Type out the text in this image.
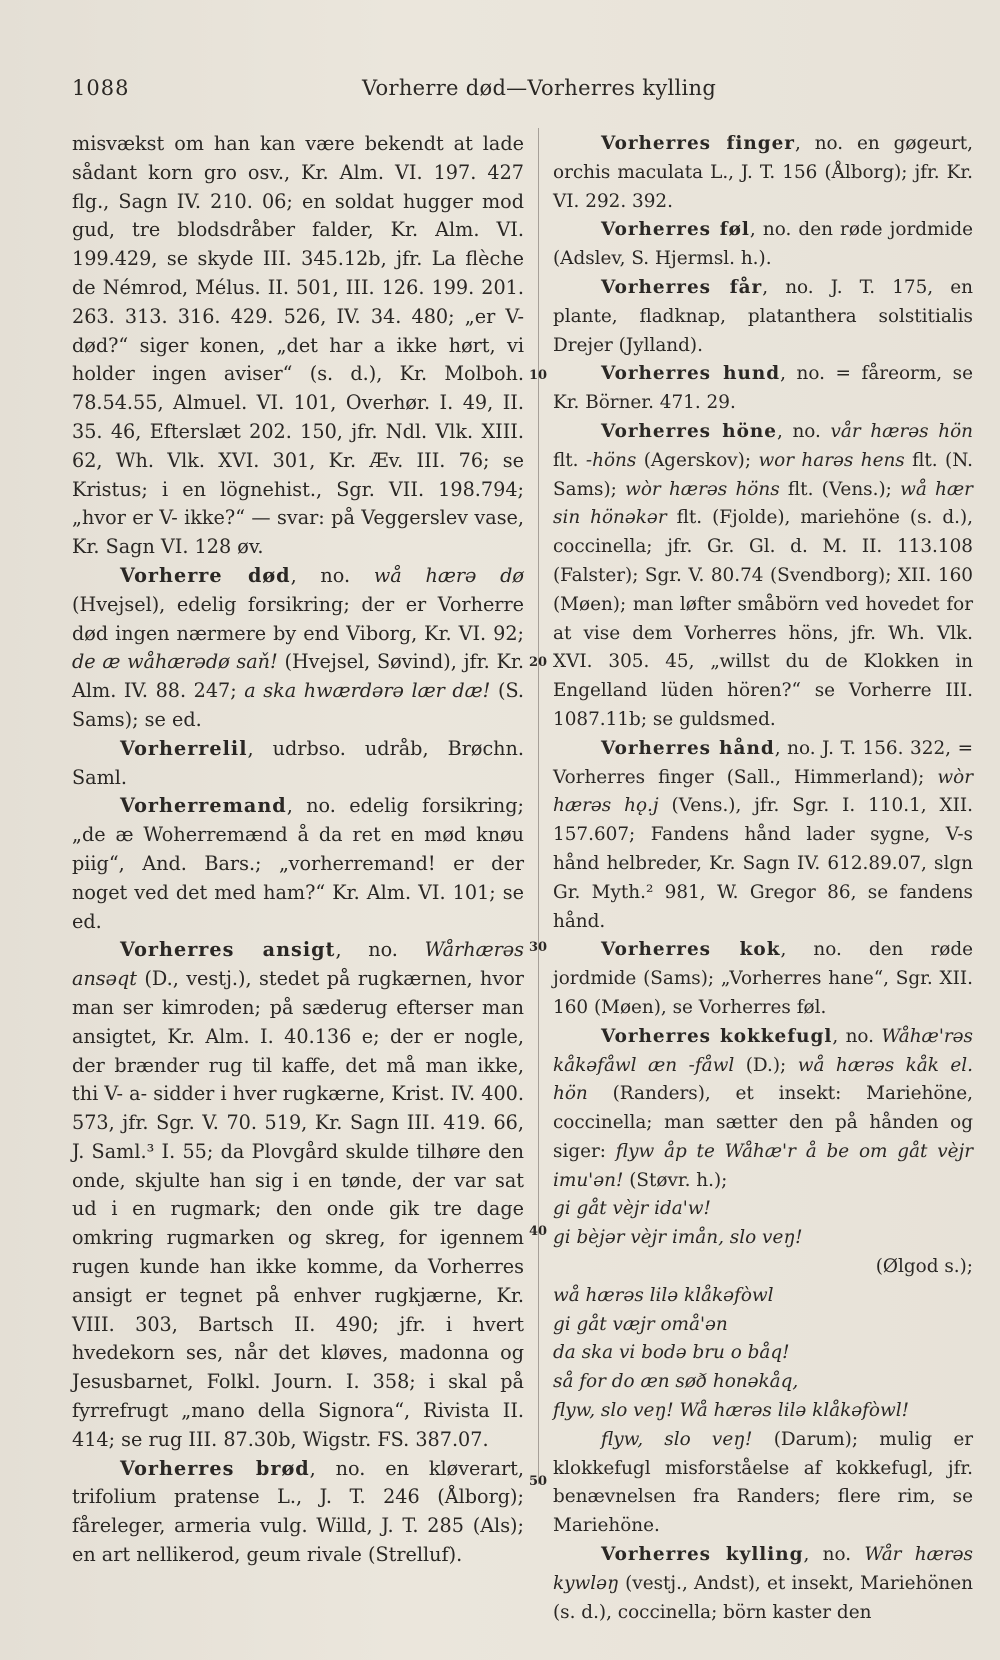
1088	Vorherre død—Vorherres kylling
10
20
30
40
50

misvækst om han kan være bekendt at lade sådant korn gro osv., Kr. Alm. VI. 197. 427 flg., Sagn IV. 210. 06; en soldat hugger mod gud, tre blodsdråber falder, Kr. Alm. VI. 199.429, se skyde III. 345.12b, jfr. La flèche de Némrod, Mélus. II. 501, III. 126. 199. 201. 263. 313. 316. 429. 526, IV. 34. 480; „er V- død?“ siger konen, „det har a ikke hørt, vi holder ingen aviser“ (s. d.), Kr. Molboh. 78.54.55, Almuel. VI. 101, Overhør. I. 49, II. 35. 46, Efterslæt 202. 150, jfr. Ndl. Vlk. XIII. 62, Wh. Vlk. XVI. 301, Kr. Æv. III. 76; se Kristus; i en lögnehist., Sgr. VII. 198.794; „hvor er V- ikke?“ — svar: på Veggerslev vase, Kr. Sagn VI. 128 øv.

Vorherre død, no. wå hærə dø (Hvejsel), edelig forsikring; der er Vorherre død ingen nærmere by end Viborg, Kr. VI. 92; de æ wåhærədø saň! (Hvejsel, Søvind), jfr. Kr. Alm. IV. 88. 247; a ska hwærdərə lær dæ! (S. Sams); se ed.

Vorherrelil, udrbso. udråb, Brøchn. Saml.

Vorherremand, no. edelig forsikring; „de æ Woherremænd å da ret en mød knøu piig“, And. Bars.; „vorherremand! er der noget ved det med ham?“ Kr. Alm. VI. 101; se ed.

Vorherres ansigt, no. Wårhærəs ansəqt (D., vestj.), stedet på rugkærnen, hvor man ser kimroden; på sæderug efterser man ansigtet, Kr. Alm. I. 40.136 e; der er nogle, der brænder rug til kaffe, det må man ikke, thi V- a- sidder i hver rugkærne, Krist. IV. 400. 573, jfr. Sgr. V. 70. 519, Kr. Sagn III. 419. 66, J. Saml.³ I. 55; da Plovgård skulde tilhøre den onde, skjulte han sig i en tønde, der var sat ud i en rugmark; den onde gik tre dage omkring rugmarken og skreg, for igennem rugen kunde han ikke komme, da Vorherres ansigt er tegnet på enhver rugkjærne, Kr. VIII. 303, Bartsch II. 490; jfr. i hvert hvedekorn ses, når det kløves, madonna og Jesusbarnet, Folkl. Journ. I. 358; i skal på fyrrefrugt „mano della Signora“, Rivista II. 414; se rug III. 87.30b, Wigstr. FS. 387.07.

Vorherres brød, no. en kløverart, trifolium pratense L., J. T. 246 (Ålborg); fåreleger, armeria vulg. Willd, J. T. 285 (Als); en art nellikerod, geum rivale (Strelluf).

Vorherres finger, no. en gøgeurt, orchis maculata L., J. T. 156 (Ålborg); jfr. Kr. VI. 292. 392.

Vorherres føl, no. den røde jordmide (Adslev, S. Hjermsl. h.).

Vorherres får, no. J. T. 175, en plante, fladknap, platanthera solstitialis Drejer (Jylland).

Vorherres hund, no. = fåreorm, se Kr. Börner. 471. 29.

Vorherres höne, no. vår hærəs hön flt. -höns (Agerskov); wor harəs hens flt. (N. Sams); wòr hærəs höns flt. (Vens.); wå hær sin hönəkər flt. (Fjolde), mariehöne (s. d.), coccinella; jfr. Gr. Gl. d. M. II. 113.108 (Falster); Sgr. V. 80.74 (Svendborg); XII. 160 (Møen); man løfter småbörn ved hovedet for at vise dem Vorherres höns, jfr. Wh. Vlk. XVI. 305. 45, „willst du de Klokken in Engelland lüden hören?“ se Vorherre III. 1087.11b; se guldsmed.

Vorherres hånd, no. J. T. 156. 322, = Vorherres finger (Sall., Himmerland); wòr hærəs hǫ.j (Vens.), jfr. Sgr. I. 110.1, XII. 157.607; Fandens hånd lader sygne, V-s hånd helbreder, Kr. Sagn IV. 612.89.07, slgn Gr. Myth.² 981, W. Gregor 86, se fandens hånd.

Vorherres kok, no. den røde jordmide (Sams); „Vorherres hane“, Sgr. XII. 160 (Møen), se Vorherres føl.

Vorherres kokkefugl, no. Wåhæ'rəs kåkəfåwl æn -fåwl (D.); wå hærəs kåk el. hön (Randers), et insekt: Mariehöne, coccinella; man sætter den på hånden og siger: flyw åp te Wåhæ'r å be om gåt vèjr imu'ən! (Støvr. h.);

gi gåt vèjr ida'w!

gi bèjər vèjr imån, slo veŋ!

(Ølgod s.);

wå hærəs lilə klåkəfòwl

gi gåt væjr omå'ən

da ska vi bodə bru o båq!

så for do æn søð honəkåq,

flyw, slo veŋ! Wå hærəs lilə klåkəfòwl!

flyw, slo veŋ! (Darum); mulig er klokkefugl misforståelse af kokkefugl, jfr. benævnelsen fra Randers; flere rim, se Mariehöne.

Vorherres kylling, no. Wår hærəs kywləŋ (vestj., Andst), et insekt, Mariehönen (s. d.), coccinella; börn kaster den
